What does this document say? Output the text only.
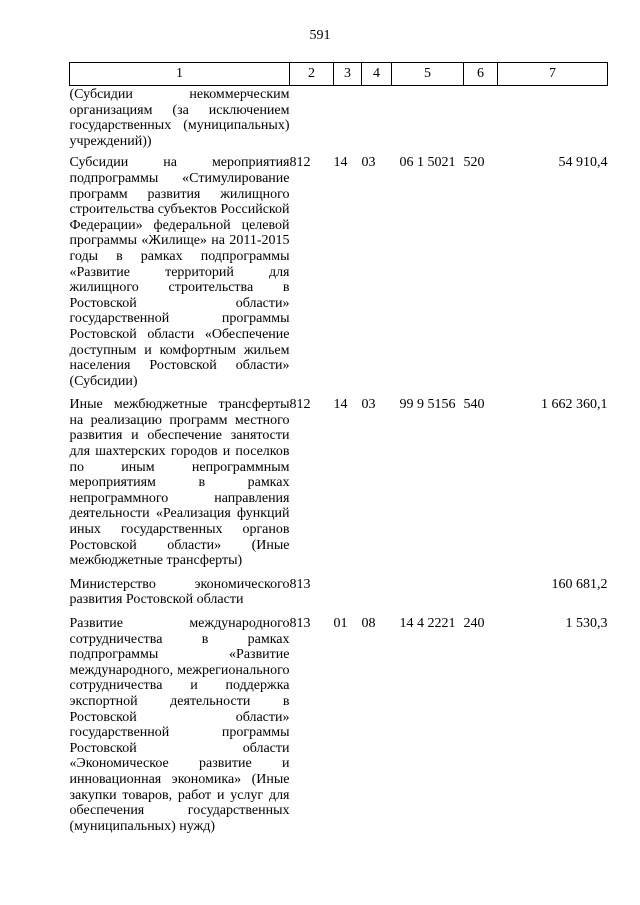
591
1	2	3	4	5	6	7
(Субсидии некоммерческим организациям (за исключением государственных (муниципальных) учреждений))						
Субсидии на мероприятия подпрограммы «Стимулирование программ развития жилищного строительства субъектов Российской Федерации» федеральной целевой программы «Жилище» на 2011-2015 годы в рамках подпрограммы «Развитие территорий для жилищного строительства в Ростовской области» государственной программы Ростовской области «Обеспечение доступным и комфортным жильем населения Ростовской области» (Субсидии)	812	14	03	06 1 5021	520	54 910,4
Иные межбюджетные трансферты на реализацию программ местного развития и обеспечение занятости для шахтерских городов и поселков по иным непрограммным мероприятиям в рамках непрограммного направления деятельности «Реализация функций иных государственных органов Ростовской области» (Иные межбюджетные трансферты)	812	14	03	99 9 5156	540	1 662 360,1
Министерство экономического развития Ростовской области	813					160 681,2
Развитие международного сотрудничества в рамках подпрограммы «Развитие международного, межрегионального сотрудничества и поддержка экспортной деятельности в Ростовской области» государственной программы Ростовской области «Экономическое развитие и инновационная экономика» (Иные закупки товаров, работ и услуг для обеспечения государственных (муниципальных) нужд)	813	01	08	14 4 2221	240	1 530,3
